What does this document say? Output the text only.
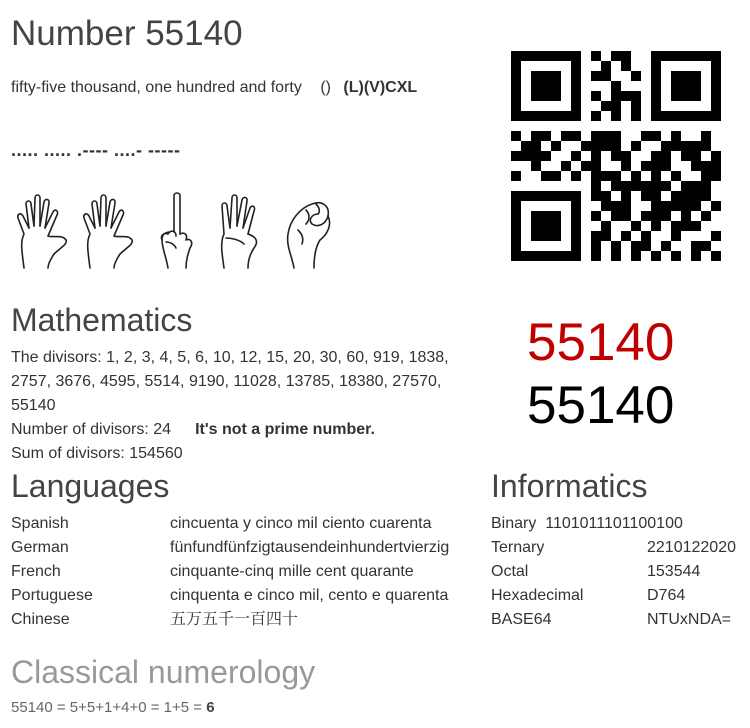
Number 55140
fifty-five thousand, one hundred and forty () (L)(V)CXL
..... ..... .---- ....- -----
55140
55140
Mathematics
The divisors: 1, 2, 3, 4, 5, 6, 10, 12, 15, 20, 30, 60, 919, 1838, 2757, 3676, 4595, 5514, 9190, 11028, 13785, 18380, 27570, 55140
Number of divisors: 24 It's not a prime number.
Sum of divisors: 154560
Languages
Spanish	cincuenta y cinco mil ciento cuarenta
German	fünfundfünfzigtausendeinhundertvierzig
French	cinquante-cinq mille cent quarante
Portuguese	cinquenta e cinco mil, cento e quarenta
Chinese	五万五千一百四十
Informatics
Binary 1101011101100100
Ternary	2210122020
Octal	153544
Hexadecimal	D764
BASE64	NTUxNDA=
Classical numerology
55140 = 5+5+1+4+0 = 1+5 = 6
